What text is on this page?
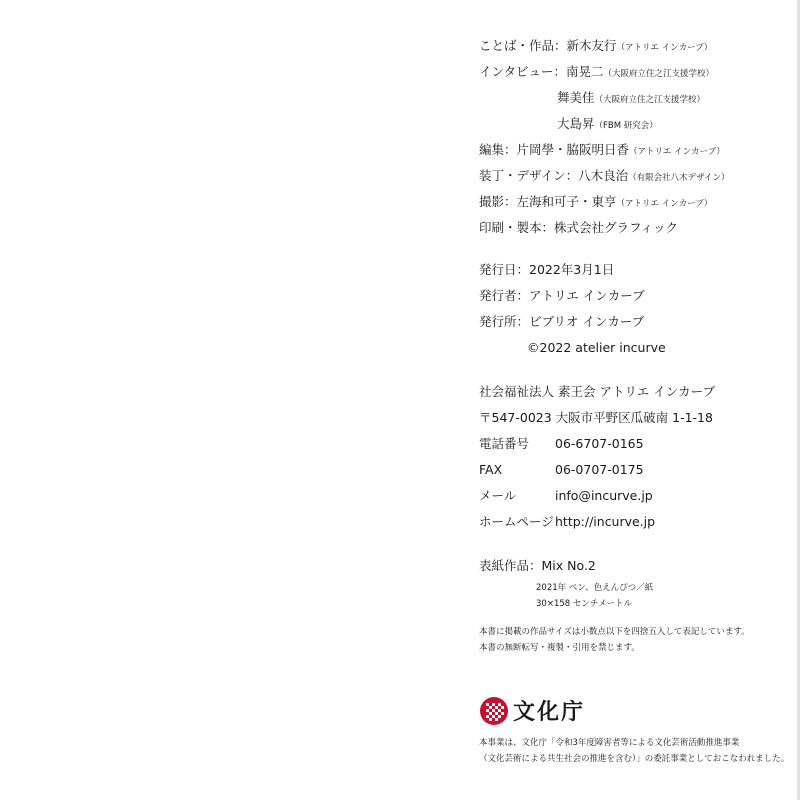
ことば・作品：新木友行（アトリエ インカーブ）
インタビュー：南晃二（大阪府立住之江支援学校）
舞美佳（大阪府立住之江支援学校）
大島昇（FBM 研究会）
編集：片岡學・脇阪明日香（アトリエ インカーブ）
装丁・デザイン：八木良治（有限会社八木デザイン）
撮影：左海和可子・東亨（アトリエ インカーブ）
印刷・製本：株式会社グラフィック
発行日：2022年3月1日
発行者：アトリエ インカーブ
発行所：ビブリオ インカーブ
©2022 atelier incurve
社会福祉法人 素王会 アトリエ インカーブ
〒547-0023 大阪市平野区瓜破南 1-1-18
電話番号 06-6707-0165
FAX	06-0707-0175
メール	info@incurve.jp
ホームページ http://incurve.jp
表紙作品：Mix No.2
2021年 ペン、色えんぴつ／紙
30×158 センチメートル
本書に掲載の作品サイズは小数点以下を四捨五入して表記しています。
本書の無断転写・複製・引用を禁じます。
文化庁
本事業は、文化庁「令和3年度障害者等による文化芸術活動推進事業
（文化芸術による共生社会の推進を含む）」の委託事業としておこなわれました。
